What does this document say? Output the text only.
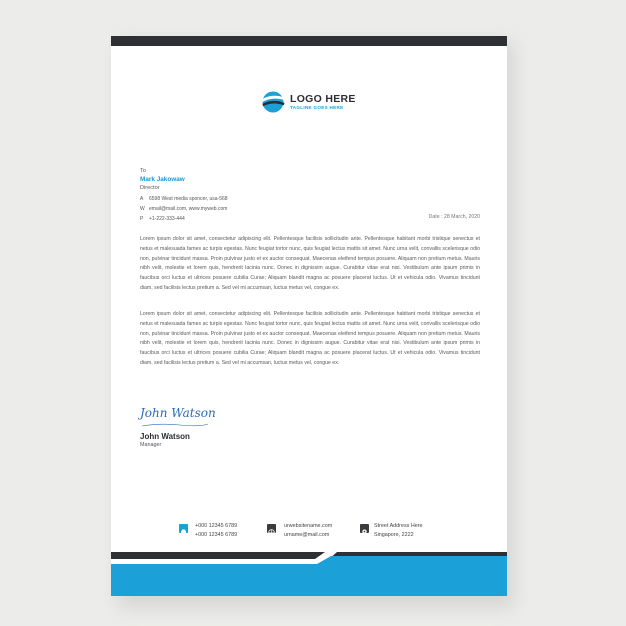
LOGO HERE
TAGLINE GOES HERE
To
Mark Jakowaw
Director
A 6598 West media sponcer, usa-568
W email@mail.com, www.myweb.com
P +1-222-333-444	Date : 28 March, 2020

Lorem ipsum dolor sit amet, consectetur adipiscing elit. Pellentesque facilisis sollicitudin ante. Pellentesque habitant morbi tristique senectus et netus et malesuada fames ac turpis egestas. Nunc feugiat tortor nunc, quis feugiat lectus mattis sit amet. Nunc urna velit, convallis scelerisque odio non, pulvinar tincidunt massa. Proin pulvinar justo et ex auctor consequat. Maecenas eleifend tempus posuere. Aliquam non pretium metus. Mauris nibh velit, molestie et lorem quis, hendrerit lacinia nunc. Donec in dignissim augue. Curabitur vitae erat nisi. Vestibulum ante ipsum primis in faucibus orci luctus et ultrices posuere cubilia Curae; Aliquam blandit magna ac posuere placerat luctus. Ut et vehicula odio. Vivamus tincidunt diam, sed facilisis lectus pretium a. Sed vel mi accumsan, luctus metus vel, congue ex.

Lorem ipsum dolor sit amet, consectetur adipiscing elit. Pellentesque facilisis sollicitudin ante. Pellentesque habitant morbi tristique senectus et netus et malesuada fames ac turpis egestas. Nunc feugiat tortor nunc, quis feugiat lectus mattis sit amet. Nunc urna velit, convallis scelerisque odio non, pulvinar tincidunt massa. Proin pulvinar justo et ex auctor consequat. Maecenas eleifend tempus posuere. Aliquam non pretium metus. Mauris nibh velit, molestie et lorem quis, hendrerit lacinia nunc. Donec in dignissim augue. Curabitur vitae erat nisi. Vestibulum ante ipsum primis in faucibus orci luctus et ultrices posuere cubilia Curae; Aliquam blandit magna ac posuere placerat luctus. Ut et vehicula odio. Vivamus tincidunt diam, sed facilisis lectus pretium a. Sed vel mi accumsan, luctus metus vel, congue ex.

John Watson
John Watson
Manager
+000 12345 6789
+000 12345 6789
urwebsitename.com
urname@mail.com
Street Address Here
Singapore, 2222
